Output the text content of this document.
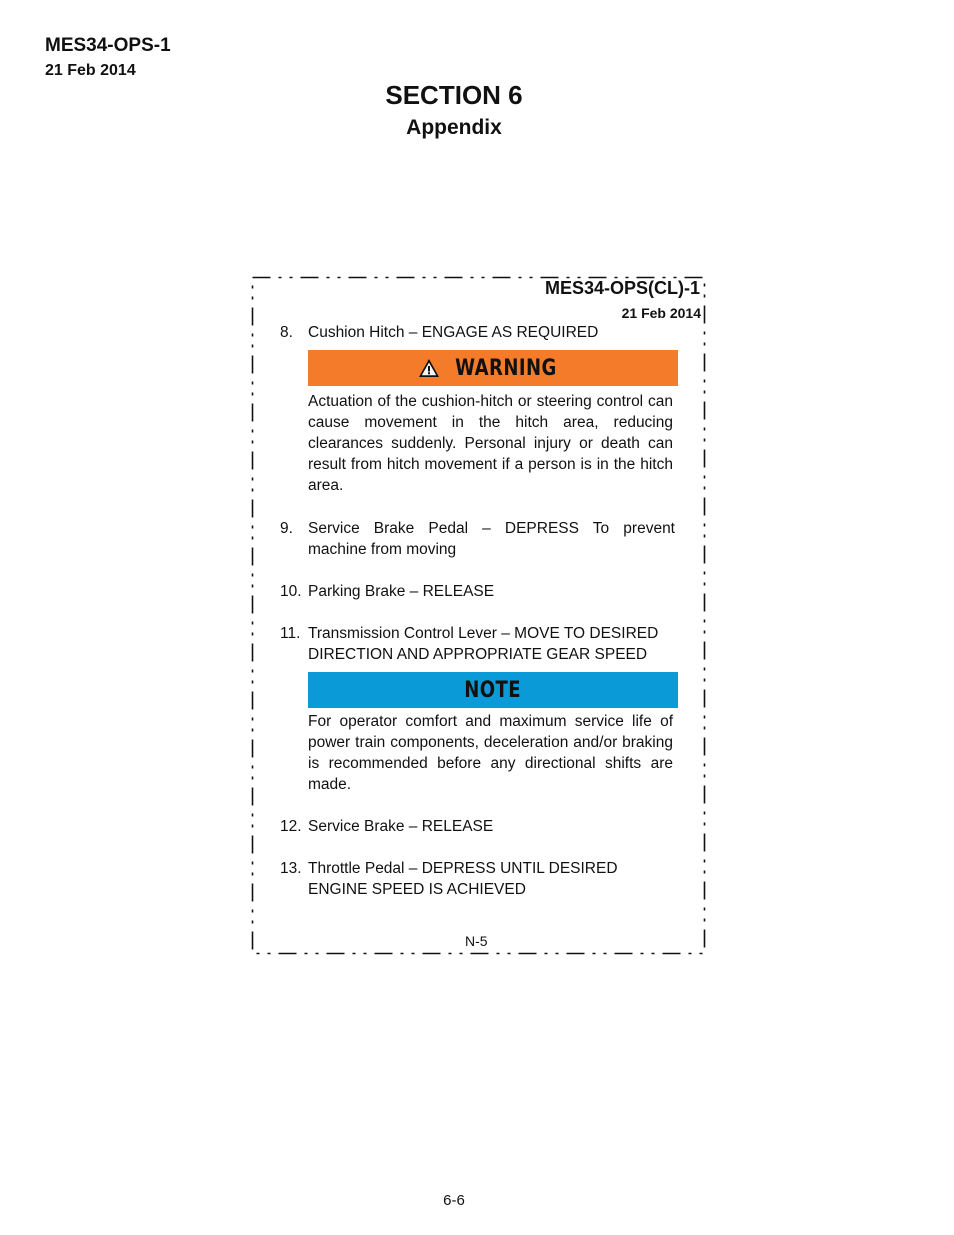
MES34-OPS-1
21 Feb 2014
SECTION 6
Appendix
MES34-OPS(CL)-1
21 Feb 2014
8. Cushion Hitch – ENGAGE AS REQUIRED
WARNING
Actuation of the cushion-hitch or steering control can cause movement in the hitch area, reducing clearances suddenly. Personal injury or death can result from hitch movement if a person is in the hitch area.
9. Service Brake Pedal – DEPRESS To prevent machine from moving
10. Parking Brake – RELEASE
11. Transmission Control Lever – MOVE TO DESIRED DIRECTION AND APPROPRIATE GEAR SPEED
NOTE
For operator comfort and maximum service life of power train components, deceleration and/or braking is recommended before any directional shifts are made.
12. Service Brake – RELEASE
13. Throttle Pedal – DEPRESS UNTIL DESIRED ENGINE SPEED IS ACHIEVED
N-5
6-6
